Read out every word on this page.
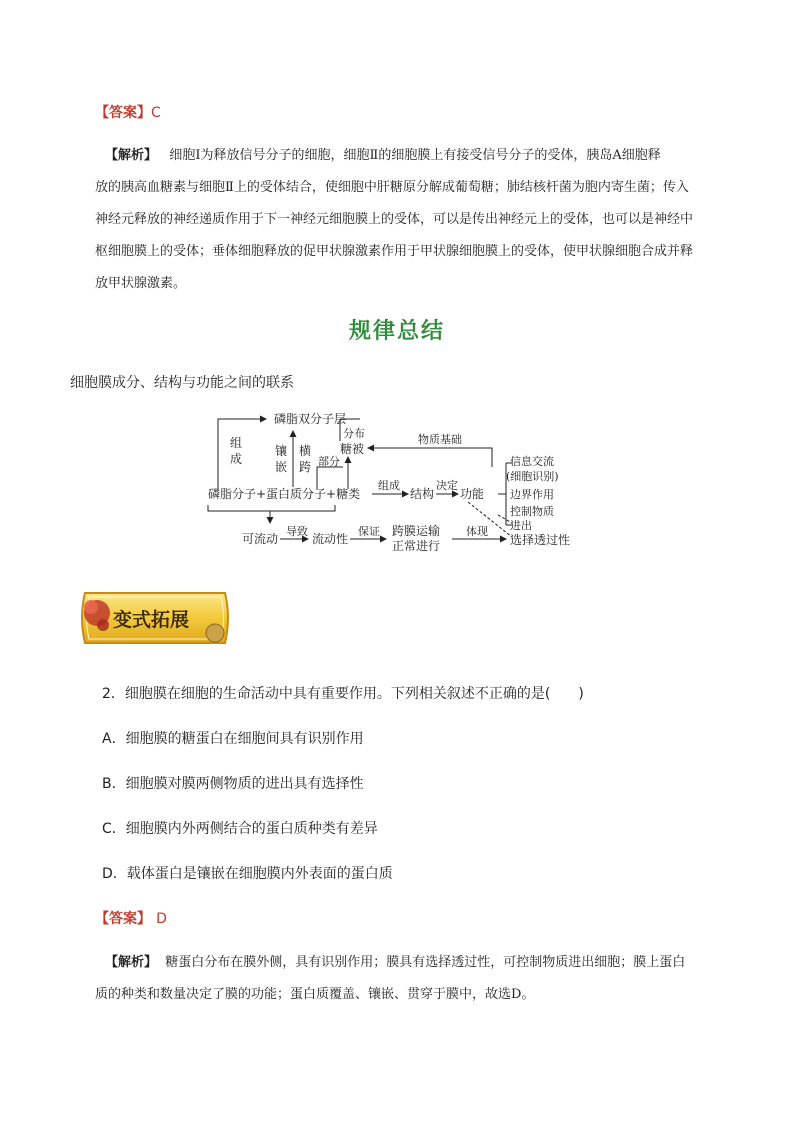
【答案】C
【解析】 细胞Ⅰ为释放信号分子的细胞，细胞Ⅱ的细胞膜上有接受信号分子的受体，胰岛A细胞释
放的胰高血糖素与细胞Ⅱ上的受体结合，使细胞中肝糖原分解成葡萄糖；肺结核杆菌为胞内寄生菌；传入
神经元释放的神经递质作用于下一神经元细胞膜上的受体，可以是传出神经元上的受体，也可以是神经中
枢细胞膜上的受体；垂体细胞释放的促甲状腺激素作用于甲状腺细胞膜上的受体，使甲状腺细胞合成并释
放甲状腺激素。
规律总结
细胞膜成分、结构与功能之间的联系
组
成
磷脂双分子层
镶
嵌
横
跨 部分
糖被
分布	物质基础
磷脂分子+蛋白质分子+糖类
组成
结构
决定
功能
信息交流
(细胞识别)
边界作用
控制物质
进出
可流动
导致
流动性
保证 跨膜运输
正常进行
体现
选择透过性
变式拓展
2．细胞膜在细胞的生命活动中具有重要作用。下列相关叙述不正确的是(　　)
A．细胞膜的糖蛋白在细胞间具有识别作用
B．细胞膜对膜两侧物质的进出具有选择性
C．细胞膜内外两侧结合的蛋白质种类有差异
D．载体蛋白是镶嵌在细胞膜内外表面的蛋白质
【答案】 D
【解析】 糖蛋白分布在膜外侧，具有识别作用；膜具有选择透过性，可控制物质进出细胞；膜上蛋白
质的种类和数量决定了膜的功能；蛋白质覆盖、镶嵌、贯穿于膜中，故选D。
